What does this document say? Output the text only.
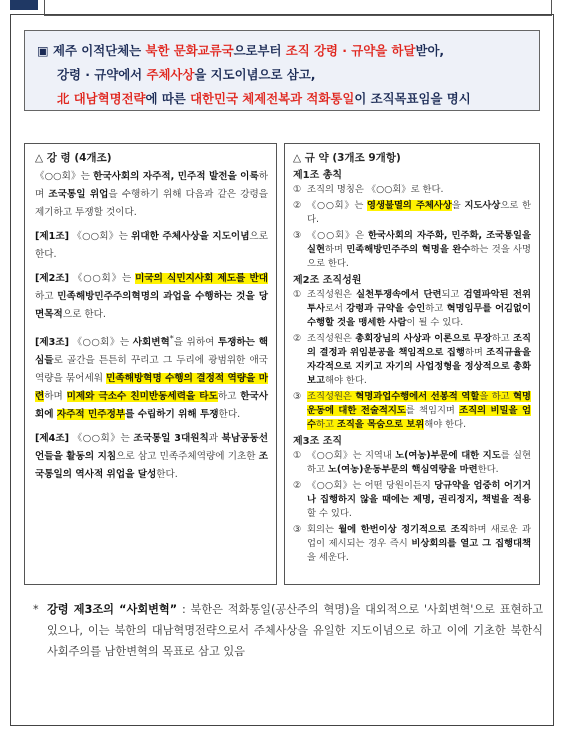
▣ 제주 이적단체는 북한 문화교류국으로부터 조직 강령 · 규약을 하달받아,
강령 · 규약에서 주체사상을 지도이념으로 삼고,
北 대남혁명전략에 따른 대한민국 체제전복과 적화통일이 조직목표임을 명시
△ 강 령 (4개조)
《○○회》는 한국사회의 자주적, 민주적 발전을 이룩하며 조국통일 위업을 수행하기 위해 다음과 같은 강령을 제기하고 투쟁할 것이다.
[제1조] 《○○회》는 위대한 주체사상을 지도이념으로 한다.
[제2조] 《○○회》는 미국의 식민지사회 제도를 반대하고 민족해방민주주의혁명의 과업을 수행하는 것을 당면목적으로 한다.
[제3조] 《○○회》는 사회변혁*을 위하여 투쟁하는 핵심들로 골간을 튼튼히 꾸리고 그 두리에 광범위한 애국역량을 묶어세워 민족해방혁명 수행의 결정적 역량을 마련하며 미제와 극소수 친미반동세력을 타도하고 한국사회에 자주적 민주정부를 수립하기 위해 투쟁한다.
[제4조] 《○○회》는 조국통일 3대원칙과 북남공동선언들을 활동의 지침으로 삼고 민족주체역량에 기초한 조국통일의 역사적 위업을 달성한다.
△ 규 약 (3개조 9개항)
제1조 총칙
① 조직의 명칭은 《○○회》로 한다.
② 《○○회》는 영생불멸의 주체사상을 지도사상으로 한다.
③ 《○○회》은 한국사회의 자주화, 민주화, 조국통일을 실현하며 민족해방민주주의 혁명을 완수하는 것을 사명으로 한다.
제2조 조직성원
① 조직성원은 실천투쟁속에서 단련되고 검열파악된 전위투사로서 강령과 규약을 승인하고 혁명임무를 어김없이 수행할 것을 맹세한 사람이 될 수 있다.
② 조직성원은 총회장님의 사상과 이론으로 무장하고 조직의 결정과 위임분공을 책임적으로 집행하며 조직규율을 자각적으로 지키고 자기의 사업정형을 정상적으로 총화보고해야 한다.
③ 조직성원은 혁명과업수행에서 선봉적 역할을 하고 혁명운동에 대한 전술적지도를 책임지며 조직의 비밀을 엄수하고 조직을 목숨으로 보위해야 한다.
제3조 조직
① 《○○회》는 지역내 노(여농)부문에 대한 지도를 실현하고 노(여농)운동부문의 핵심역량을 마련한다.
② 《○○회》는 어떤 당원이든지 당규약을 엄중히 어기거나 집행하지 않을 때에는 제명, 권리정지, 책벌을 적용할 수 있다.
③ 회의는 월에 한번이상 정기적으로 조직하며 새로운 과업이 제시되는 경우 즉시 비상회의를 열고 그 집행대책을 세운다.
* 강령 제3조의 “사회변혁” : 북한은 적화통일(공산주의 혁명)을 대외적으로 '사회변혁'으로 표현하고 있으나, 이는 북한의 대남혁명전략으로서 주체사상을 유일한 지도이념으로 하고 이에 기초한 북한식 사회주의를 남한변혁의 목표로 삼고 있음
